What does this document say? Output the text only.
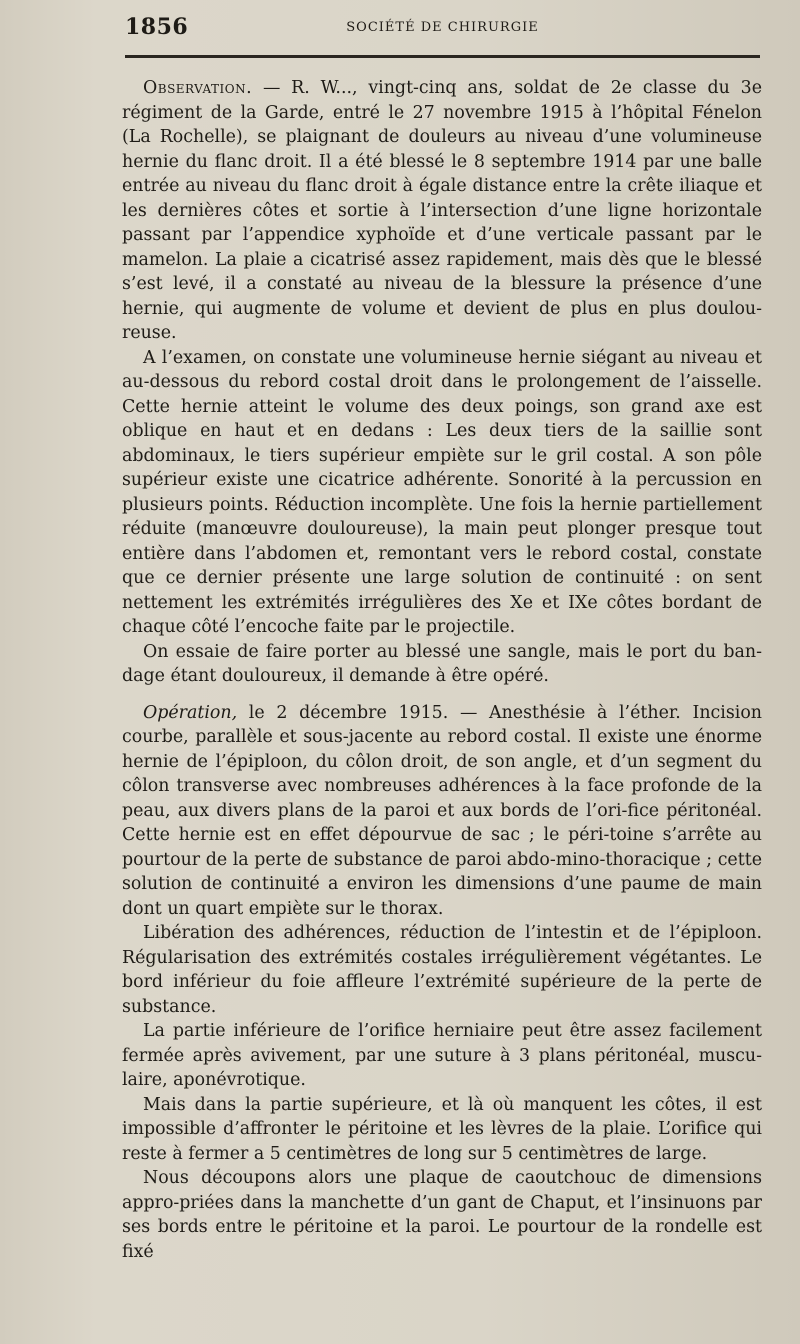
1856	SOCIÉTÉ DE CHIRURGIE

Observation. — R. W..., vingt-cinq ans, soldat de 2e classe du 3e régiment de la Garde, entré le 27 novembre 1915 à l’hôpital Fénelon (La Rochelle), se plaignant de douleurs au niveau d’une volumineuse hernie du flanc droit. Il a été blessé le 8 septembre 1914 par une balle entrée au niveau du flanc droit à égale distance entre la crête iliaque et les dernières côtes et sortie à l’intersection d’une ligne horizontale passant par l’appendice xyphoïde et d’une verticale passant par le mamelon. La plaie a cicatrisé assez rapidement, mais dès que le blessé s’est levé, il a constaté au niveau de la blessure la présence d’une hernie, qui augmente de volume et devient de plus en plus doulou-reuse.

A l’examen, on constate une volumineuse hernie siégant au niveau et au-dessous du rebord costal droit dans le prolongement de l’aisselle. Cette hernie atteint le volume des deux poings, son grand axe est oblique en haut et en dedans : Les deux tiers de la saillie sont abdominaux, le tiers supérieur empiète sur le gril costal. A son pôle supérieur existe une cicatrice adhérente. Sonorité à la percussion en plusieurs points. Réduction incomplète. Une fois la hernie partiellement réduite (manœuvre douloureuse), la main peut plonger presque tout entière dans l’abdomen et, remontant vers le rebord costal, constate que ce dernier présente une large solution de continuité : on sent nettement les extrémités irrégulières des Xe et IXe côtes bordant de chaque côté l’encoche faite par le projectile.

On essaie de faire porter au blessé une sangle, mais le port du ban-dage étant douloureux, il demande à être opéré.

Opération, le 2 décembre 1915. — Anesthésie à l’éther. Incision courbe, parallèle et sous-jacente au rebord costal. Il existe une énorme hernie de l’épiploon, du côlon droit, de son angle, et d’un segment du côlon transverse avec nombreuses adhérences à la face profonde de la peau, aux divers plans de la paroi et aux bords de l’ori-fice péritonéal. Cette hernie est en effet dépourvue de sac ; le péri-toine s’arrête au pourtour de la perte de substance de paroi abdo-mino-thoracique ; cette solution de continuité a environ les dimensions d’une paume de main dont un quart empiète sur le thorax.

Libération des adhérences, réduction de l’intestin et de l’épiploon. Régularisation des extrémités costales irrégulièrement végétantes. Le bord inférieur du foie affleure l’extrémité supérieure de la perte de substance.

La partie inférieure de l’orifice herniaire peut être assez facilement fermée après avivement, par une suture à 3 plans péritonéal, muscu-laire, aponévrotique.

Mais dans la partie supérieure, et là où manquent les côtes, il est impossible d’affronter le péritoine et les lèvres de la plaie. L’orifice qui reste à fermer a 5 centimètres de long sur 5 centimètres de large.

Nous découpons alors une plaque de caoutchouc de dimensions appro-priées dans la manchette d’un gant de Chaput, et l’insinuons par ses bords entre le péritoine et la paroi. Le pourtour de la rondelle est fixé
